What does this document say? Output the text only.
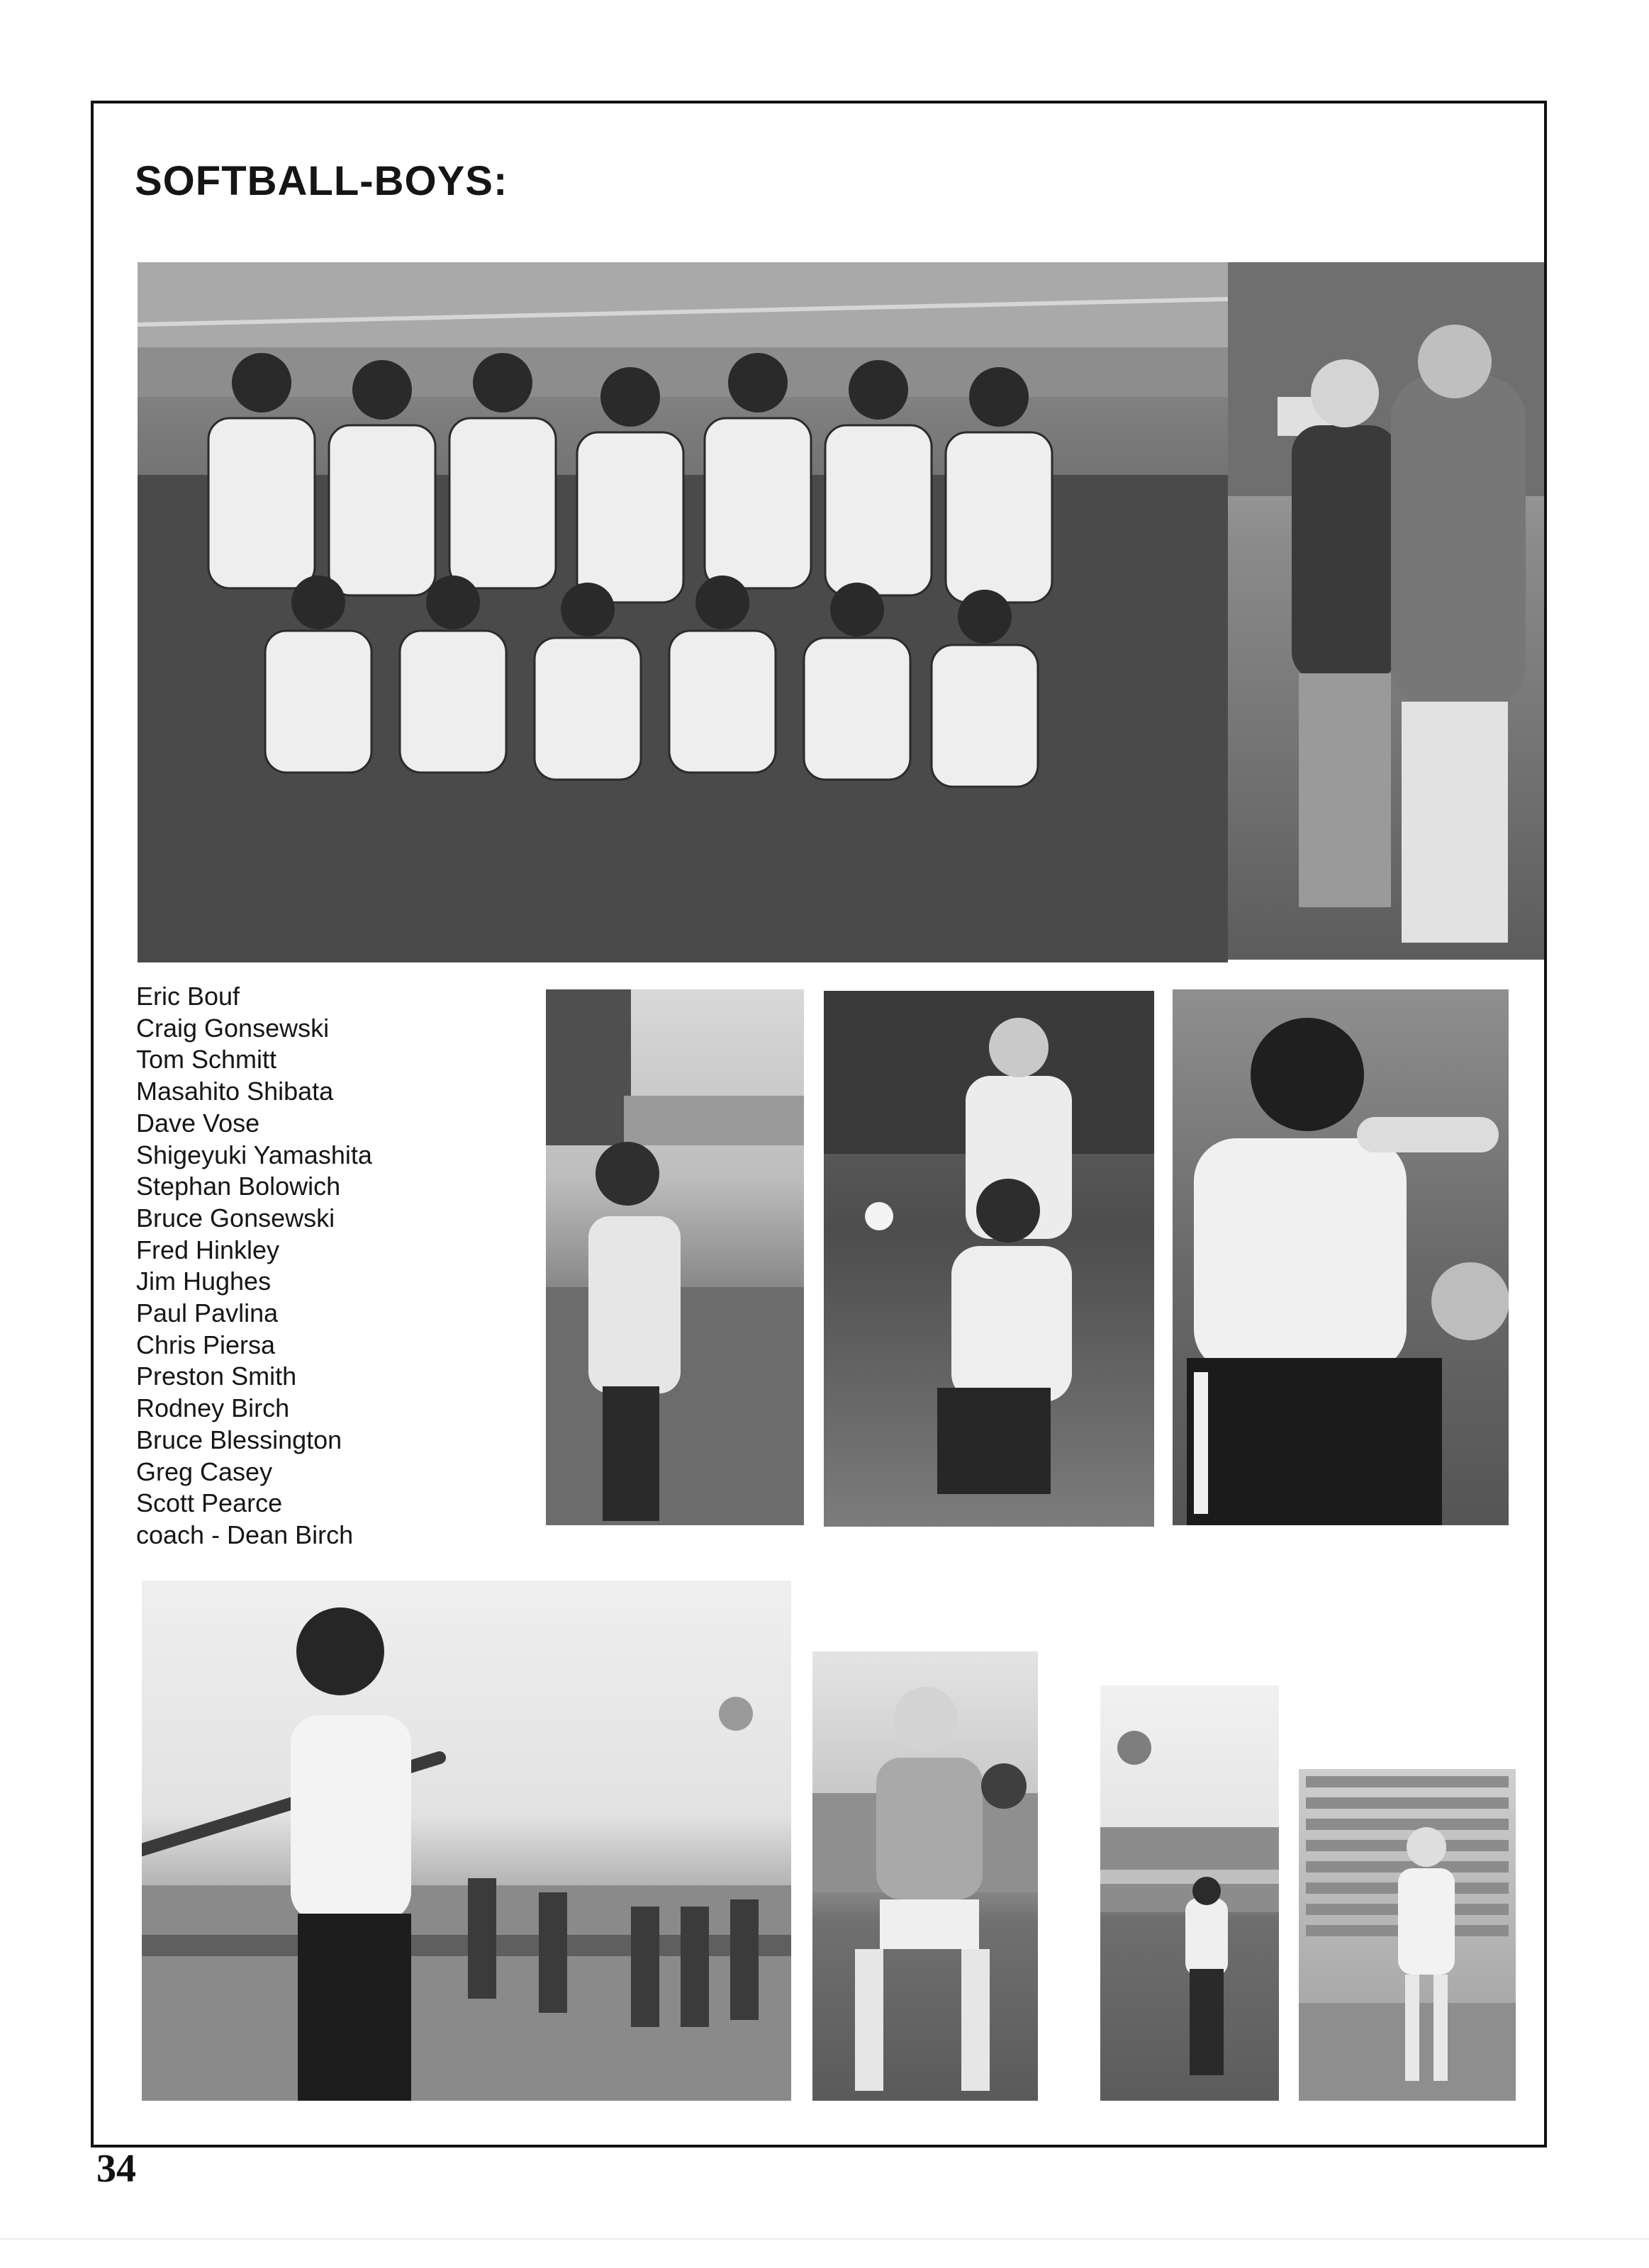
SOFTBALL-BOYS:
Eric Bouf
Craig Gonsewski
Tom Schmitt
Masahito Shibata
Dave Vose
Shigeyuki Yamashita
Stephan Bolowich
Bruce Gonsewski
Fred Hinkley
Jim Hughes
Paul Pavlina
Chris Piersa
Preston Smith
Rodney Birch
Bruce Blessington
Greg Casey
Scott Pearce
coach - Dean Birch
34
